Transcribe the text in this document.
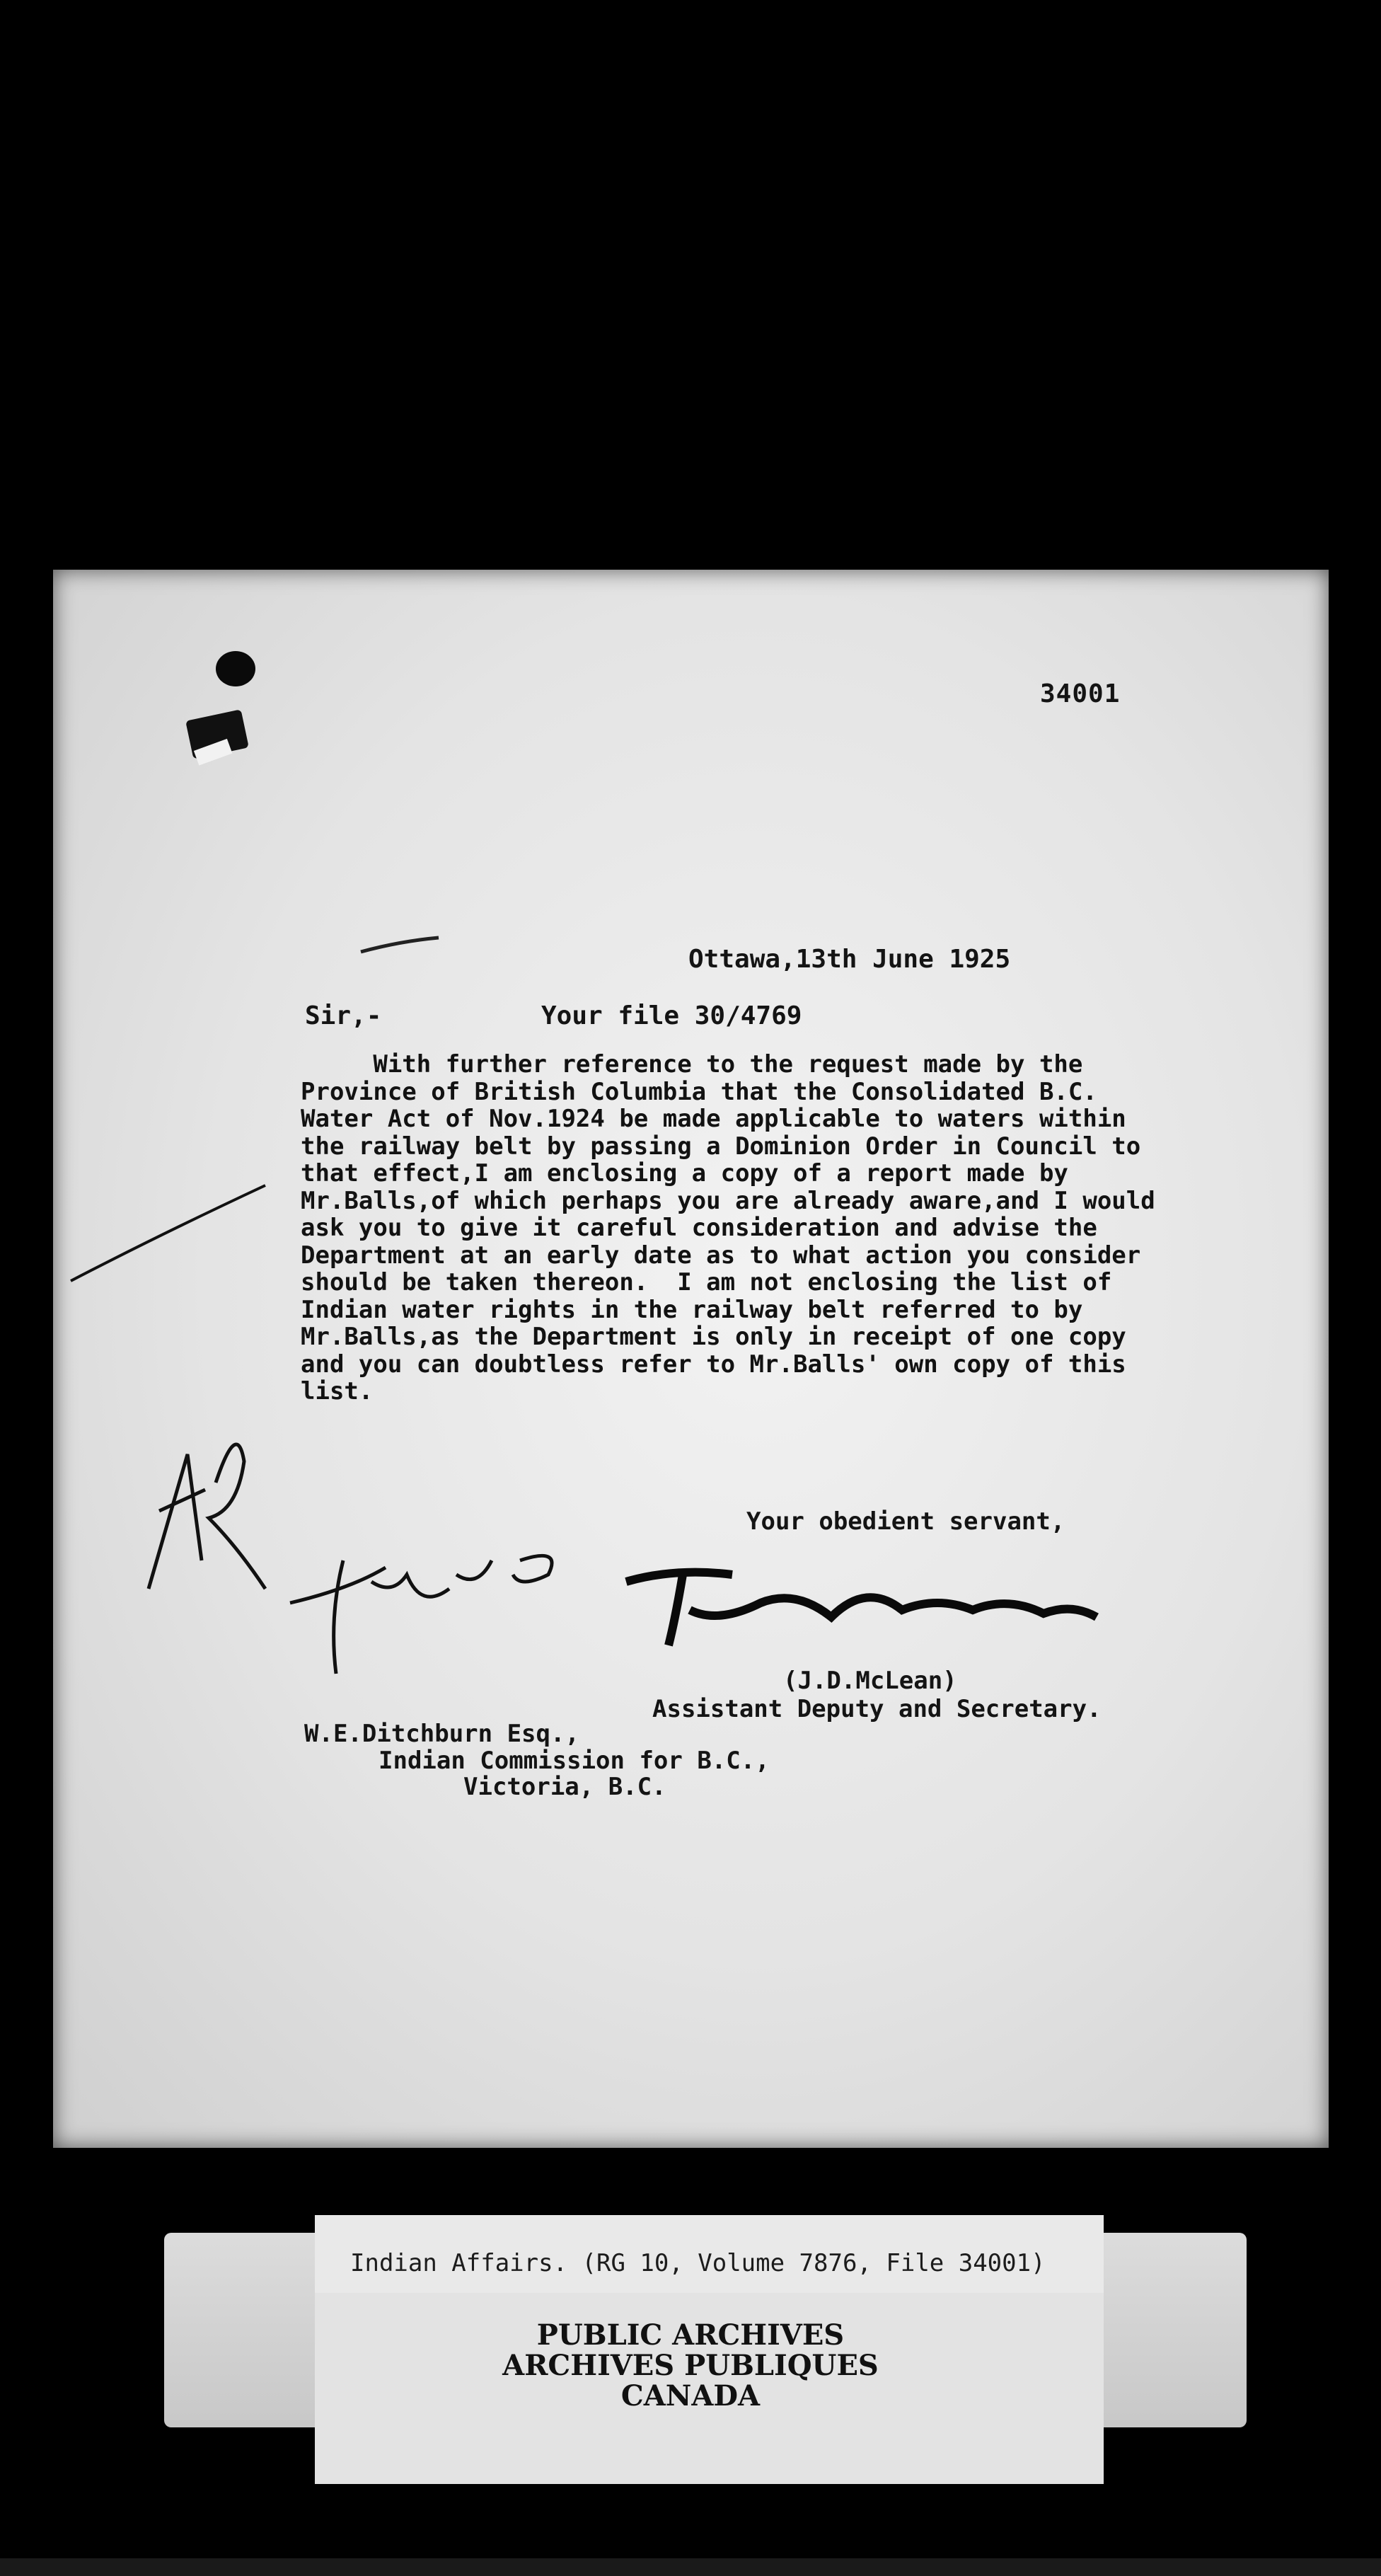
34001
Ottawa,13th June 1925
Sir,-	Your file 30/4769
With further reference to the request made by the
Province of British Columbia that the Consolidated B.C.
Water Act of Nov.1924 be made applicable to waters within
the railway belt by passing a Dominion Order in Council to
that effect,I am enclosing a copy of a report made by
Mr.Balls,of which perhaps you are already aware,and I would
ask you to give it careful consideration and advise the
Department at an early date as to what action you consider
should be taken thereon.  I am not enclosing the list of
Indian water rights in the railway belt referred to by
Mr.Balls,as the Department is only in receipt of one copy
and you can doubtless refer to Mr.Balls' own copy of this
list.
Your obedient servant,
(J.D.McLean)
Assistant Deputy and Secretary.
W.E.Ditchburn Esq.,
Indian Commission for B.C.,
Victoria, B.C.
Indian Affairs. (RG 10, Volume 7876, File 34001)
PUBLIC ARCHIVES
ARCHIVES PUBLIQUES
CANADA
